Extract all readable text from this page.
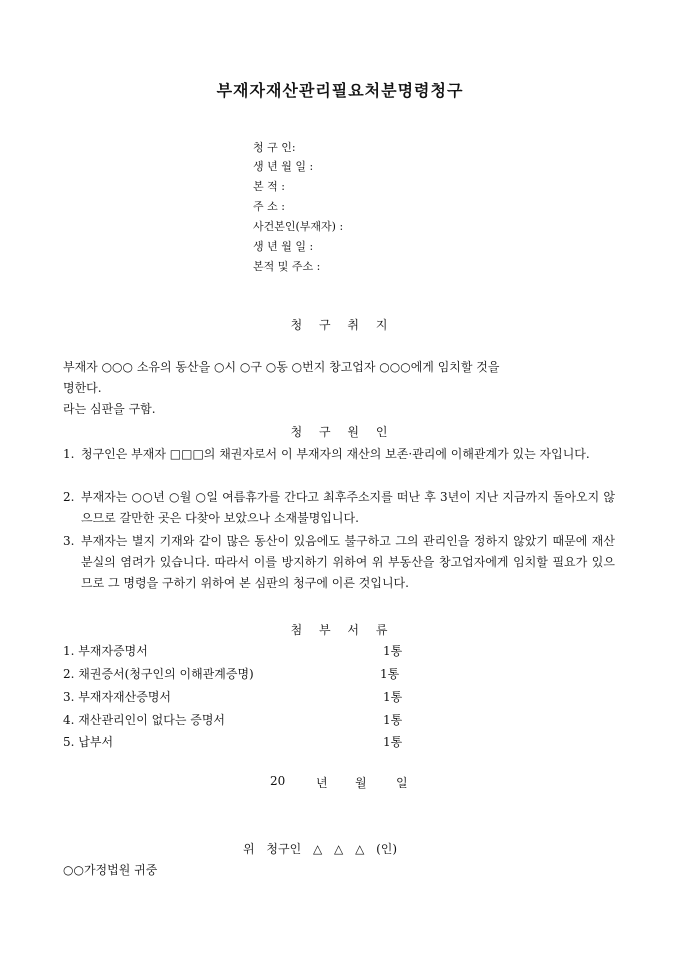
부재자재산관리필요처분명령청구
청 구 인:
생 년 월 일 :
본 적 :
주 소 :
사건본인(부재자) :
생 년 월 일 :
본적 및 주소 :
청 구 취 지
부재자 ○○○ 소유의 동산을 ○시 ○구 ○동 ○번지 창고업자 ○○○에게 임치할 것을
명한다.
라는 심판을 구함.
청 구 원 인
1. 청구인은 부재자 □□□의 채권자로서 이 부재자의 재산의 보존·관리에 이해관계가 있는 자입니다.
2. 부재자는 ○○년 ○월 ○일 여름휴가를 간다고 최후주소지를 떠난 후 3년이 지난 지금까지 돌아오지 않으므로 갈만한 곳은 다찾아 보았으나 소재불명입니다.
3. 부재자는 별지 기재와 같이 많은 동산이 있음에도 불구하고 그의 관리인을 정하지 않았기 때문에 재산분실의 염려가 있습니다. 따라서 이를 방지하기 위하여 위 부동산을 창고업자에게 임치할 필요가 있으므로 그 명령을 구하기 위하여 본 심판의 청구에 이른 것입니다.
첨 부 서 류
1. 부재자증명서	1통
2. 채권증서(청구인의 이해관계증명)	1통
3. 부재자재산증명서	1통
4. 재산관리인이 없다는 증명서	1통
5. 납부서	1통
20	년	월	일
위 청구인 △ △ △ (인)
○○가정법원 귀중
